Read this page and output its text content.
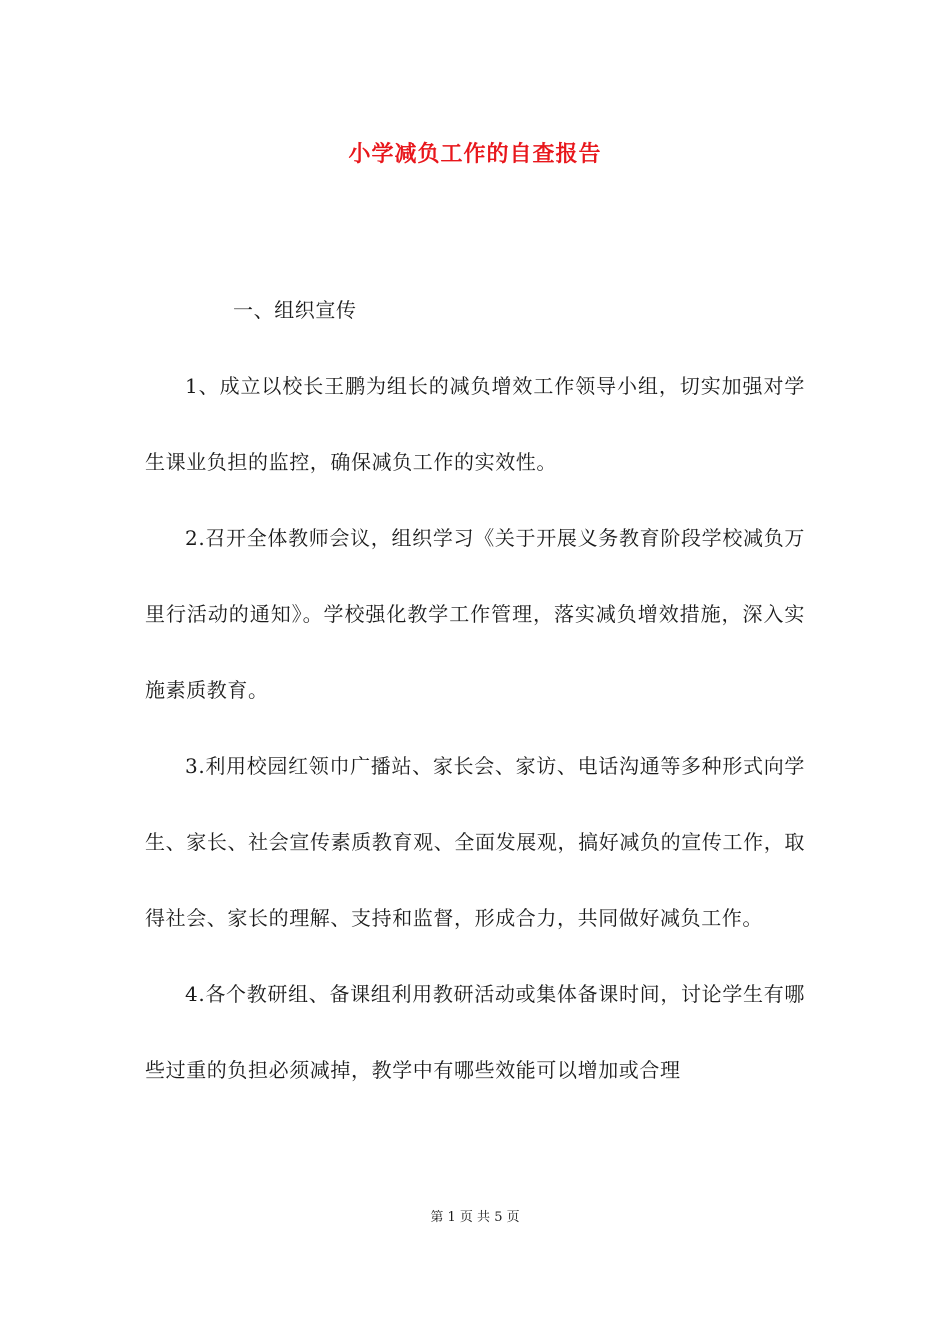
小学减负工作的自查报告

一、组织宣传

1、成立以校长王鹏为组长的减负增效工作领导小组，切实加强对学生课业负担的监控，确保减负工作的实效性。

2.召开全体教师会议，组织学习《关于开展义务教育阶段学校减负万里行活动的通知》。学校强化教学工作管理，落实减负增效措施，深入实施素质教育。

3.利用校园红领巾广播站、家长会、家访、电话沟通等多种形式向学生、家长、社会宣传素质教育观、全面发展观，搞好减负的宣传工作，取得社会、家长的理解、支持和监督，形成合力，共同做好减负工作。

4.各个教研组、备课组利用教研活动或集体备课时间，讨论学生有哪些过重的负担必须减掉，教学中有哪些效能可以增加或合理

第 1 页 共 5 页
